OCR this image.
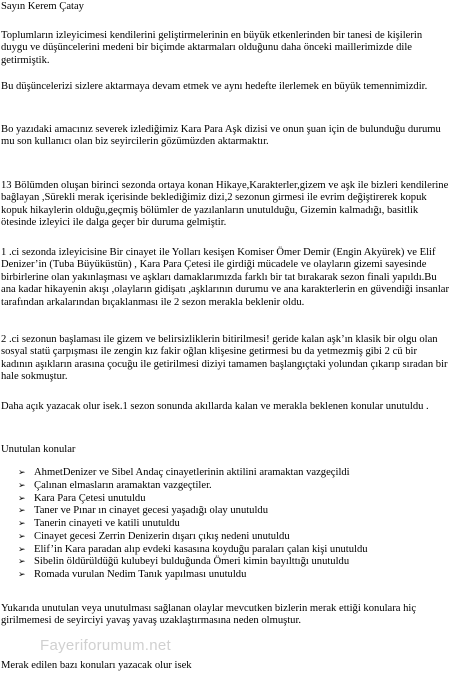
Sayın Kerem Çatay

Toplumların izleyicimesi kendilerini geliştirmelerinin en büyük etkenlerinden bir tanesi de kişilerin duygu ve düşüncelerini medeni bir biçimde aktarmaları olduğunu daha önceki maillerimizde dile getirmiştik.

Bu düşüncelerizi sizlere aktarmaya devam etmek ve aynı hedefte ilerlemek en büyük temennimizdir.

Bo yazıdaki amacınız severek izlediğimiz Kara Para Aşk dizisi ve onun şuan için de bulunduğu durumu mu son kullanıcı olan biz seyircilerin gözümüzden aktarmaktır.

13 Bölümden oluşan birinci sezonda ortaya konan Hikaye,Karakterler,gizem ve aşk ile bizleri kendilerine bağlayan ,Sürekli merak içerisinde beklediğimiz dizi,2 sezonun girmesi ile evrim değiştirerek kopuk kopuk hikaylerin olduğu,geçmiş bölümler de yazılanların unutulduğu, Gizemin kalmadığı, basitlik ötesinde izleyici ile dalga geçer bir duruma gelmiştir.

1 .ci sezonda izleyicisine Bir cinayet ile Yolları kesişen Komiser Ömer Demir (Engin Akyürek) ve Elif Denizer’in (Tuba Büyüküstün) , Kara Para Çetesi ile girdiği mücadele ve olayların gizemi sayesinde birbirlerine olan yakınlaşması ve aşkları damaklarımızda farklı bir tat bırakarak sezon finali yapıldı.Bu ana kadar hikayenin akışı ,olayların gidişatı ,aşklarının durumu ve ana karakterlerin en güvendiği insanlar tarafından arkalarından bıçaklanması ile 2 sezon merakla beklenir oldu.

2 .ci sezonun başlaması ile gizem ve belirsizliklerin bitirilmesi! geride kalan aşk’ın klasik bir olgu olan sosyal statü çarpışması ile zengin kız fakir oğlan klişesine getirmesi bu da yetmezmiş gibi 2 cü bir kadının aşıkların arasına çocuğu ile getirilmesi diziyi tamamen başlangıçtaki yolundan çıkarıp sıradan bir hale sokmuştur.

Daha açık yazacak olur isek.1 sezon sonunda akıllarda kalan ve merakla beklenen konular unutuldu .

Unutulan konular

➢ AhmetDenizer ve Sibel Andaç cinayetlerinin aktilini aramaktan vazgeçildi
➢ Çalınan elmasların aramaktan vazgeçtiler.
➢ Kara Para Çetesi unutuldu
➢ Taner ve Pınar ın cinayet gecesi yaşadığı olay unutuldu
➢ Tanerin cinayeti ve katili unutuldu
➢ Cinayet gecesi Zerrin Denizerin dışarı çıkış nedeni unutuldu
➢ Elif’in Kara paradan alıp evdeki kasasına koyduğu paraları çalan kişi unutuldu
➢ Sibelin öldürüldüğü kulubeyi bulduğunda Ömeri kimin bayılttığı unutuldu
➢ Romada vurulan Nedim Tanık yapılması unutuldu

Yukarıda unutulan veya unutulması sağlanan olaylar mevcutken bizlerin merak ettiği konulara hiç girilmemesi de seyirciyi yavaş yavaş uzaklaştırmasına neden olmuştur.

Fayeriforumum.net

Merak edilen bazı konuları yazacak olur isek
